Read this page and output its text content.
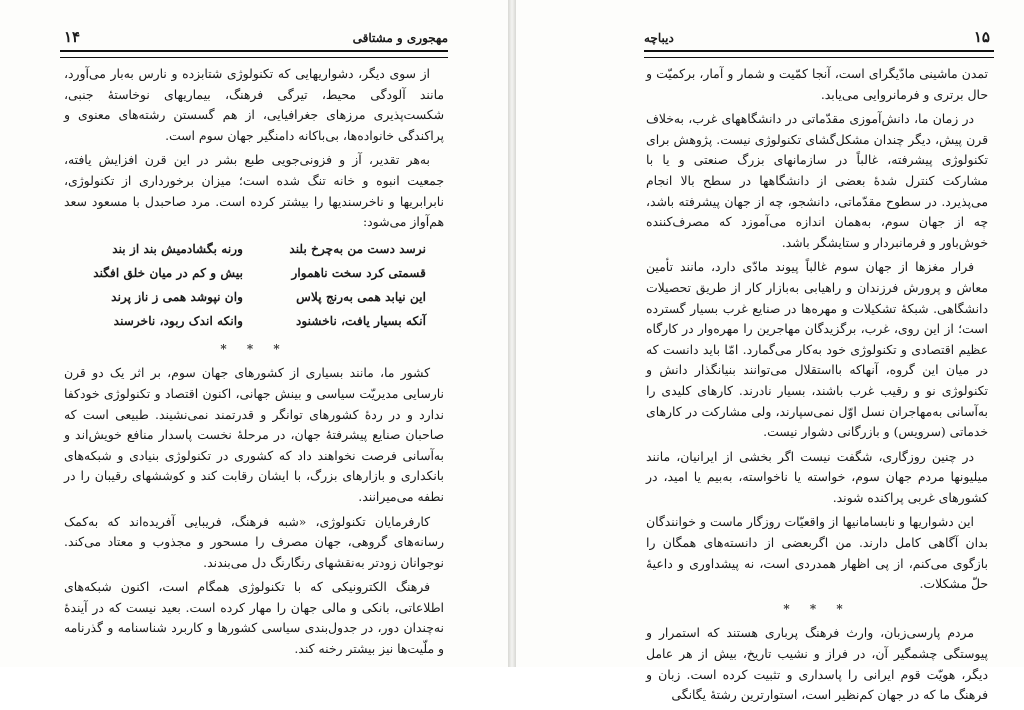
مهجوری و مشتاقی
۱۴

از سوی دیگر، دشواریهایی که تکنولوژی شتابزده و نارس به‌بار می‌آورد، مانند آلودگی محیط، تیرگی فرهنگ، بیماریهای نوخاستهٔ جنبی، شکست‌پذیری مرزهای جغرافیایی، از هم گسستن رشته‌های معنوی و پراکندگی خانواده‌ها، بی‌باکانه دامنگیر جهان سوم است.

به‌هر تقدیر، آز و فزونی‌جویی طبع بشر در این قرن افزایش یافته، جمعیت انبوه و خانه تنگ شده است؛ میزان برخورداری از تکنولوژی، نابرابریها و ناخرسندیها را بیشتر کرده است. مرد صاحبدل با مسعود سعد هم‌آواز می‌شود:

نرسد دست من به‌چرخ بلند
ورنه بگشادمیش بند از بند
قسمتی کرد سخت ناهموار
بیش و کم در میان خلق افگند
این نیابد همی به‌رنج پلاس
وان نپوشد همی ز ناز پرند
آنکه بسیار یافت، ناخشنود
وانکه اندک ربود، ناخرسند
* * *

کشور ما، مانند بسیاری از کشورهای جهان سوم، بر اثر یک دو قرن نارسایی مدیریّت سیاسی و بینش جهانی، اکنون اقتصاد و تکنولوژی خودکفا ندارد و در ردهٔ کشورهای توانگر و قدرتمند نمی‌نشیند. طبیعی است که صاحبان صنایع پیشرفتهٔ جهان، در مرحلهٔ نخست پاسدار منافع خویش‌اند و به‌آسانی فرصت نخواهند داد که کشوری در تکنولوژی بنیادی و شبکه‌های بانکداری و بازارهای بزرگ، با ایشان رقابت کند و کوششهای رقیبان را در نطفه می‌میرانند.

کارفرمایان تکنولوژی، «شبه فرهنگ، فریبایی آفریده‌اند که به‌کمک رسانه‌های گروهی، جهان مصرف را مسحور و مجذوب و معتاد می‌کند. نوجوانان زودتر به‌نقشهای رنگارنگ دل می‌بندند.

فرهنگ الکترونیکی که با تکنولوژی همگام است، اکنون شبکه‌های اطلاعاتی، بانکی و مالی جهان را مهار کرده است. بعید نیست که در آیندهٔ نه‌چندان دور، در جدول‌بندی سیاسی کشورها و کاربرد شناسنامه و گذرنامه و ملّیت‌ها نیز بیشتر رخنه کند.

۱۵
دیباچه

تمدن ماشینی مادّیگرای است، آنجا کمّیت و شمار و آمار، برکمیّت و حال برتری و فرمانروایی می‌یابد.

در زمان ما، دانش‌آموزی مقدّماتی در دانشگاههای غرب، به‌خلاف قرن پیش، دیگر چندان مشکل‌گشای تکنولوژی نیست. پژوهش برای تکنولوژی پیشرفته، غالباً در سازمانهای بزرگ صنعتی و یا با مشارکت کنترل شدهٔ بعضی از دانشگاهها در سطح بالا انجام می‌پذیرد. در سطوح مقدّماتی، دانشجو، چه از جهان پیشرفته باشد، چه از جهان سوم، به‌همان اندازه می‌آموزد که مصرف‌کننده خوش‌باور و فرمانبردار و ستایشگر باشد.

فرار مغزها از جهان سوم غالباً پیوند مادّی دارد، مانند تأمین معاش و پرورش فرزندان و راهیابی به‌بازار کار از طریق تحصیلات دانشگاهی. شبکهٔ تشکیلات و مهره‌ها در صنایع غرب بسیار گسترده است؛ از این روی، غرب، برگزیدگان مهاجرین را مهره‌وار در کارگاه عظیم اقتصادی و تکنولوژی خود به‌کار می‌گمارد. امّا باید دانست که در میان این گروه، آنهاکه بااستقلال می‌توانند بنیانگذار دانش و تکنولوژی نو و رقیب غرب باشند، بسیار نادرند. کارهای کلیدی را به‌آسانی به‌مهاجران نسل اوّل نمی‌سپارند، ولی مشارکت در کارهای خدماتی (سرویس) و بازرگانی دشوار نیست.

در چنین روزگاری، شگفت نیست اگر بخشی از ایرانیان، مانند میلیونها مردم جهان سوم، خواسته یا ناخواسته، به‌بیم یا امید، در کشورهای غربی پراکنده شوند.

این دشواریها و نابسامانیها از واقعیّات روزگار ماست و خوانندگان بدان آگاهی کامل دارند. من اگربعضی از دانسته‌های همگان را بازگوی می‌کنم، از پی اظهار همدردی است، نه پیشداوری و داعیهٔ حلّ مشکلات.

* * *

مردم پارسی‌زبان، وارث فرهنگ پرباری هستند که استمرار و پیوستگی چشمگیر آن، در فراز و نشیب تاریخ، بیش از هر عامل دیگر، هویّت قوم ایرانی را پاسداری و تثبیت کرده است. زبان و فرهنگ ما که در جهان کم‌نظیر است، استوارترین رشتهٔ یگانگی
